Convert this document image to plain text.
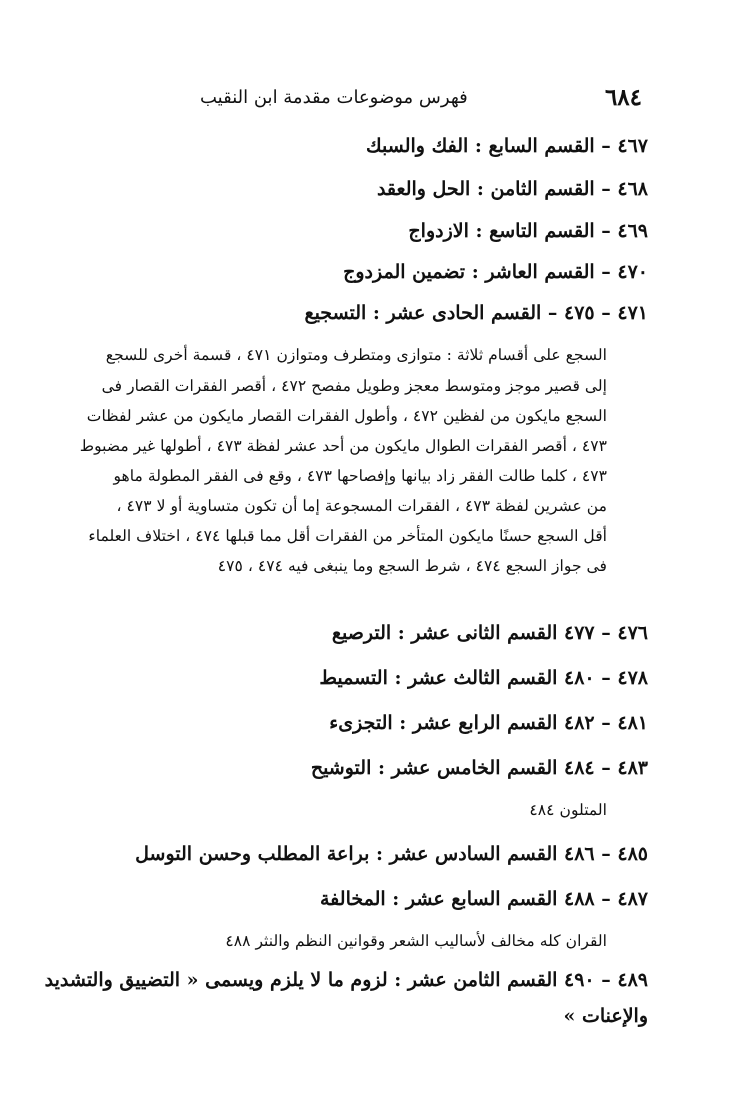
٦٨٤
فهرس موضوعات مقدمة ابن النقيب
٤٦٧ – القسم السابع : الفك والسبك
٤٦٨ – القسم الثامن : الحل والعقد
٤٦٩ – القسم التاسع : الازدواج
٤٧٠ – القسم العاشر : تضمين المزدوج
٤٧١ – ٤٧٥ – القسم الحادى عشر : التسجيع
السجع على أقسام ثلاثة : متوازى ومتطرف ومتوازن ٤٧١ ، قسمة أخرى للسجع
إلى قصير موجز ومتوسط معجز وطويل مفصح ٤٧٢ ، أقصر الفقرات القصار فى
السجع مايكون من لفظين ٤٧٢ ، وأطول الفقرات القصار مايكون من عشر لفظات
٤٧٣ ، أقصر الفقرات الطوال مايكون من أحد عشر لفظة ٤٧٣ ، أطولها غير مضبوط
٤٧٣ ، كلما طالت الفقر زاد بيانها وإفصاحها ٤٧٣ ، وقع فى الفقر المطولة ماهو
من عشرين لفظة ٤٧٣ ، الفقرات المسجوعة إما أن تكون متساوية أو لا ٤٧٣ ،
أقل السجع حسنًا مايكون المتأخر من الفقرات أقل مما قبلها ٤٧٤ ، اختلاف العلماء
فى جواز السجع ٤٧٤ ، شرط السجع وما ينبغى فيه ٤٧٤ ، ٤٧٥
٤٧٦ – ٤٧٧ القسم الثانى عشر : الترصيع
٤٧٨ – ٤٨٠ القسم الثالث عشر : التسميط
٤٨١ – ٤٨٢ القسم الرابع عشر : التجزىء
٤٨٣ – ٤٨٤ القسم الخامس عشر : التوشيح
المتلون ٤٨٤
٤٨٥ – ٤٨٦ القسم السادس عشر : براعة المطلب وحسن التوسل
٤٨٧ – ٤٨٨ القسم السابع عشر : المخالفة
القران كله مخالف لأساليب الشعر وقوانين النظم والنثر ٤٨٨
٤٨٩ – ٤٩٠ القسم الثامن عشر : لزوم ما لا يلزم ويسمى « التضييق والتشديد
والإعنات »
